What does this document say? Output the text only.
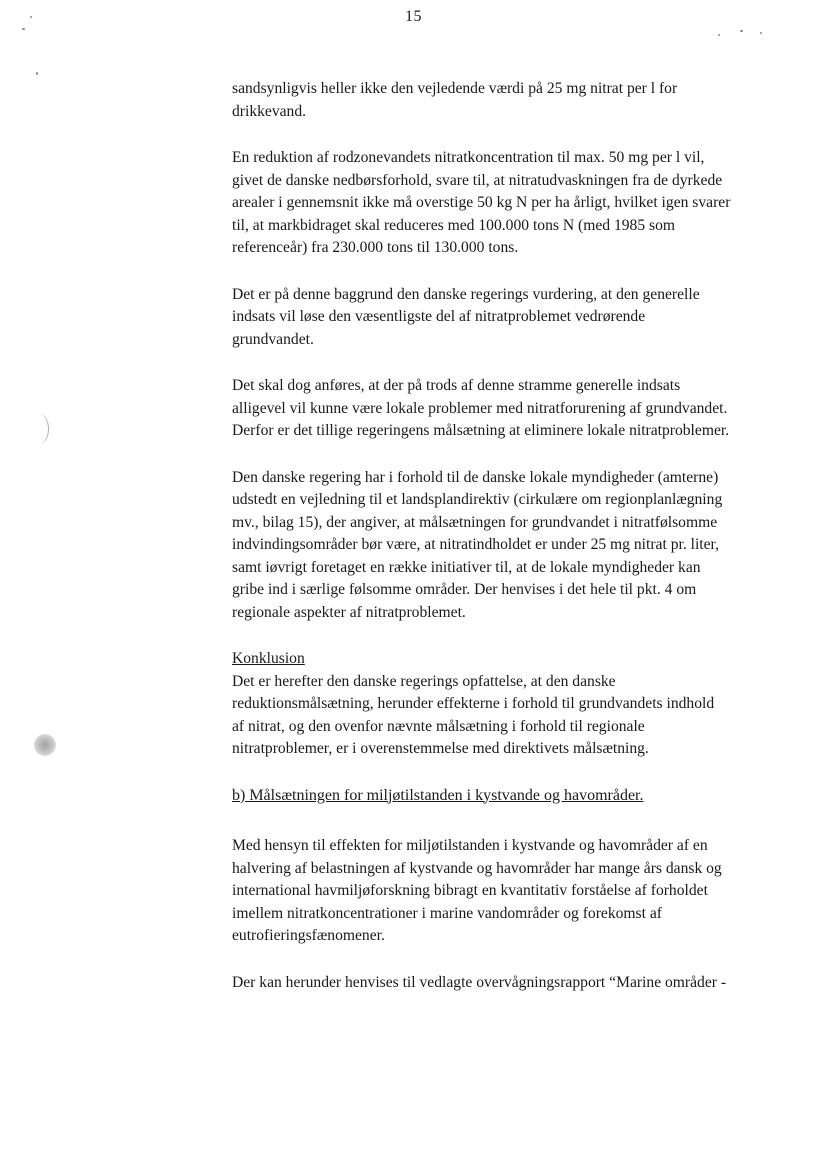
15
sandsynligvis heller ikke den vejledende værdi på 25 mg nitrat per l for
drikkevand.
En reduktion af rodzonevandets nitratkoncentration til max. 50 mg per l vil,
givet de danske nedbørsforhold, svare til, at nitratudvaskningen fra de dyrkede
arealer i gennemsnit ikke må overstige 50 kg N per ha årligt, hvilket igen svarer
til, at markbidraget skal reduceres med 100.000 tons N (med 1985 som
referenceår) fra 230.000 tons til 130.000 tons.
Det er på denne baggrund den danske regerings vurdering, at den generelle
indsats vil løse den væsentligste del af nitratproblemet vedrørende
grundvandet.
Det skal dog anføres, at der på trods af denne stramme generelle indsats
alligevel vil kunne være lokale problemer med nitratforurening af grundvandet.
Derfor er det tillige regeringens målsætning at eliminere lokale nitratproblemer.
Den danske regering har i forhold til de danske lokale myndigheder (amterne)
udstedt en vejledning til et landsplandirektiv (cirkulære om regionplanlægning
mv., bilag 15), der angiver, at målsætningen for grundvandet i nitratfølsomme
indvindingsområder bør være, at nitratindholdet er under 25 mg nitrat pr. liter,
samt iøvrigt foretaget en række initiativer til, at de lokale myndigheder kan
gribe ind i særlige følsomme områder. Der henvises i det hele til pkt. 4 om
regionale aspekter af nitratproblemet.
Konklusion
Det er herefter den danske regerings opfattelse, at den danske
reduktionsmålsætning, herunder effekterne i forhold til grundvandets indhold
af nitrat, og den ovenfor nævnte målsætning i forhold til regionale
nitratproblemer, er i overenstemmelse med direktivets målsætning.
b) Målsætningen for miljøtilstanden i kystvande og havområder.
Med hensyn til effekten for miljøtilstanden i kystvande og havområder af en
halvering af belastningen af kystvande og havområder har mange års dansk og
international havmiljøforskning bibragt en kvantitativ forståelse af forholdet
imellem nitratkoncentrationer i marine vandområder og forekomst af
eutrofieringsfænomener.
Der kan herunder henvises til vedlagte overvågningsrapport “Marine områder -
